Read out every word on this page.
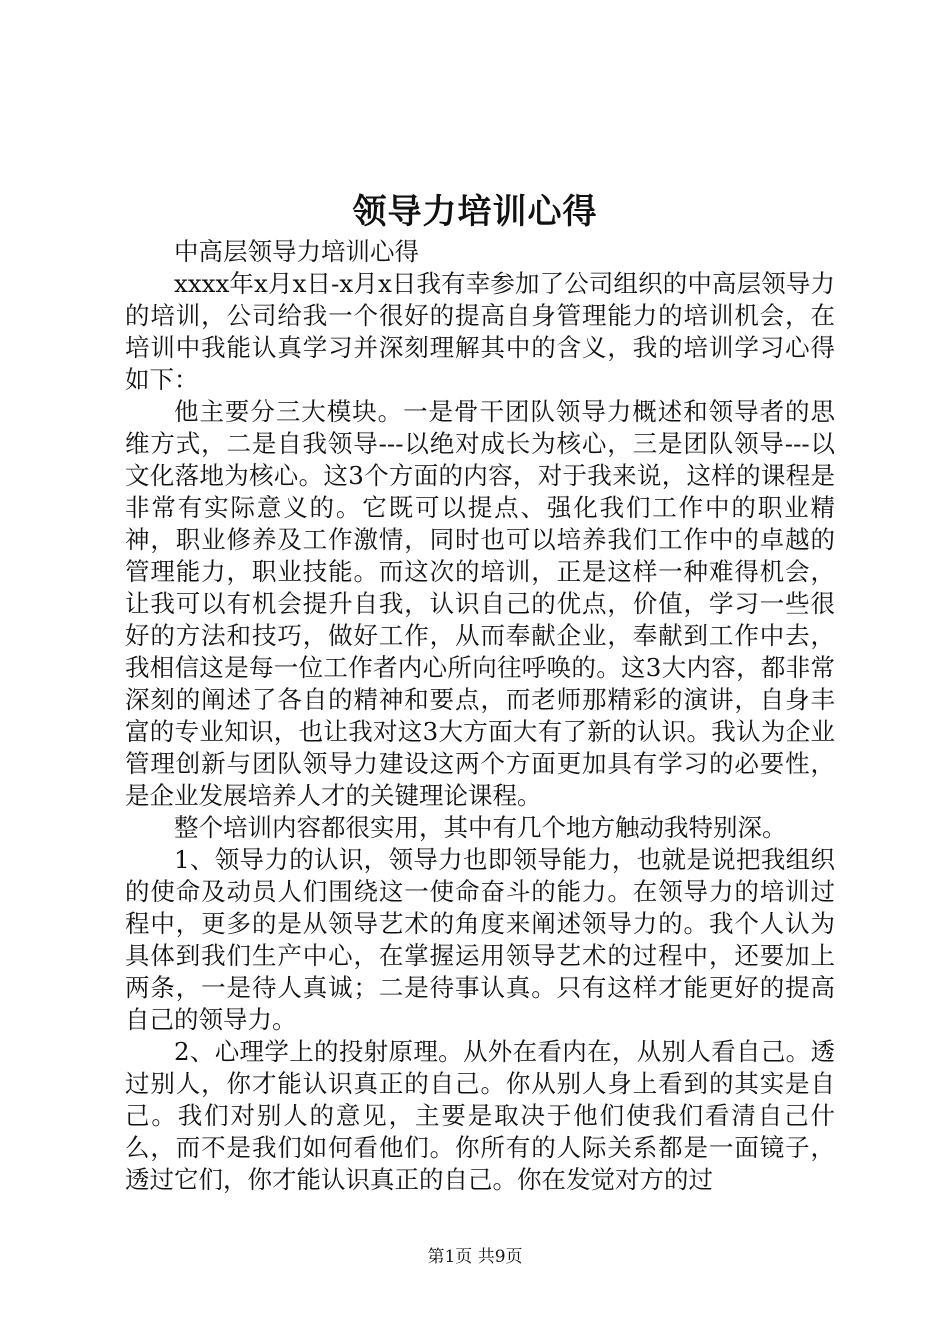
领导力培训心得

中高层领导力培训心得

xxxx年x月x日-x月x日我有幸参加了公司组织的中高层领导力的培训，公司给我一个很好的提高自身管理能力的培训机会，在培训中我能认真学习并深刻理解其中的含义，我的培训学习心得如下：

他主要分三大模块。一是骨干团队领导力概述和领导者的思维方式，二是自我领导---以绝对成长为核心，三是团队领导---以文化落地为核心。这3个方面的内容，对于我来说，这样的课程是非常有实际意义的。它既可以提点、强化我们工作中的职业精神，职业修养及工作激情，同时也可以培养我们工作中的卓越的管理能力，职业技能。而这次的培训，正是这样一种难得机会，让我可以有机会提升自我，认识自己的优点，价值，学习一些很好的方法和技巧，做好工作，从而奉献企业，奉献到工作中去，我相信这是每一位工作者内心所向往呼唤的。这3大内容，都非常深刻的阐述了各自的精神和要点，而老师那精彩的演讲，自身丰富的专业知识，也让我对这3大方面大有了新的认识。我认为企业管理创新与团队领导力建设这两个方面更加具有学习的必要性，是企业发展培养人才的关键理论课程。

整个培训内容都很实用，其中有几个地方触动我特别深。

1、领导力的认识，领导力也即领导能力，也就是说把我组织的使命及动员人们围绕这一使命奋斗的能力。在领导力的培训过程中，更多的是从领导艺术的角度来阐述领导力的。我个人认为具体到我们生产中心，在掌握运用领导艺术的过程中，还要加上两条，一是待人真诚；二是待事认真。只有这样才能更好的提高自己的领导力。

2、心理学上的投射原理。从外在看内在，从别人看自己。透过别人，你才能认识真正的自己。你从别人身上看到的其实是自己。我们对别人的意见，主要是取决于他们使我们看清自己什么，而不是我们如何看他们。你所有的人际关系都是一面镜子，透过它们，你才能认识真正的自己。你在发觉对方的过

第1页 共9页
